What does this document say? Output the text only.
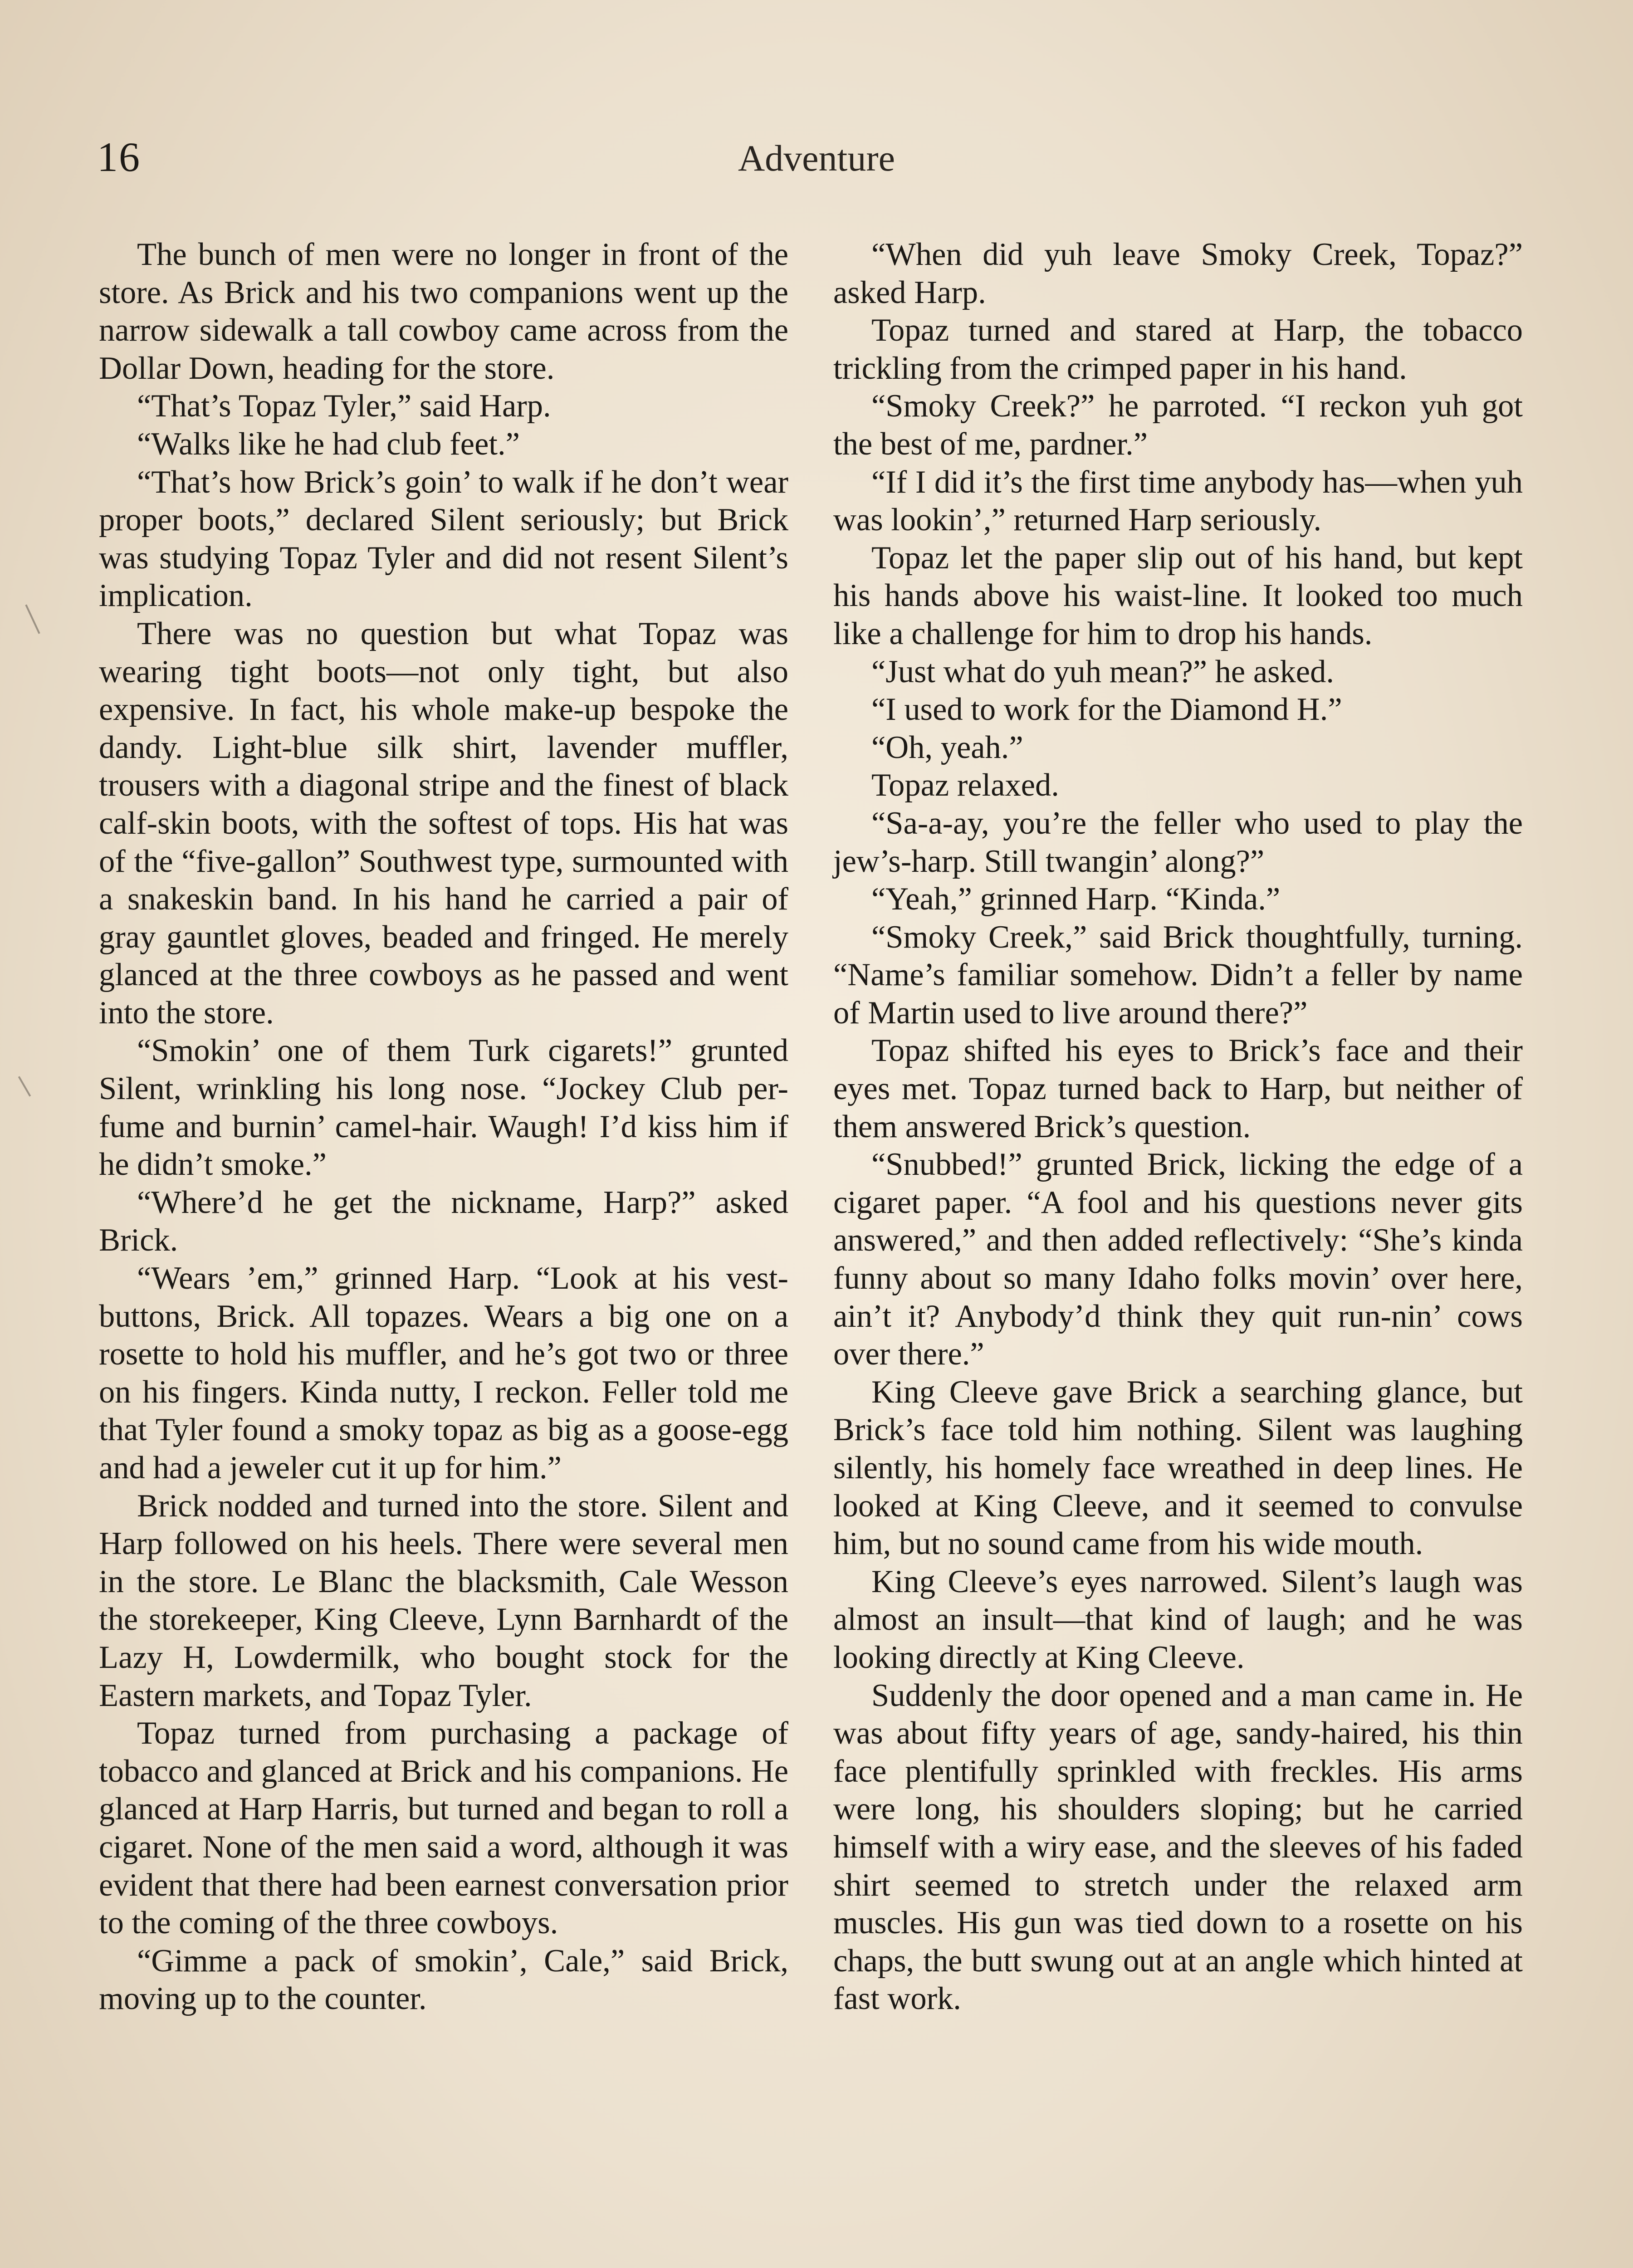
16	Adventure

The bunch of men were no longer in front of the store. As Brick and his two companions went up the narrow sidewalk a tall cowboy came across from the Dollar Down, heading for the store.

“That’s Topaz Tyler,” said Harp.

“Walks like he had club feet.”

“That’s how Brick’s goin’ to walk if he don’t wear proper boots,” declared Silent seriously; but Brick was studying Topaz Tyler and did not resent Silent’s implication.

There was no question but what Topaz was wearing tight boots—not only tight, but also expensive. In fact, his whole make-up bespoke the dandy. Light-blue silk shirt, lavender muffler, trousers with a diagonal stripe and the finest of black calf-skin boots, with the softest of tops. His hat was of the “five-gallon” Southwest type, surmounted with a snakeskin band. In his hand he carried a pair of gray gauntlet gloves, beaded and fringed. He merely glanced at the three cowboys as he passed and went into the store.

“Smokin’ one of them Turk cigarets!” grunted Silent, wrinkling his long nose. “Jockey Club per-fume and burnin’ camel-hair. Waugh! I’d kiss him if he didn’t smoke.”

“Where’d he get the nickname, Harp?” asked Brick.

“Wears ’em,” grinned Harp. “Look at his vest-buttons, Brick. All topazes. Wears a big one on a rosette to hold his muffler, and he’s got two or three on his fingers. Kinda nutty, I reckon. Feller told me that Tyler found a smoky topaz as big as a goose-egg and had a jeweler cut it up for him.”

Brick nodded and turned into the store. Silent and Harp followed on his heels. There were several men in the store. Le Blanc the blacksmith, Cale Wesson the storekeeper, King Cleeve, Lynn Barnhardt of the Lazy H, Lowdermilk, who bought stock for the Eastern markets, and Topaz Tyler.

Topaz turned from purchasing a package of tobacco and glanced at Brick and his companions. He glanced at Harp Harris, but turned and began to roll a cigaret. None of the men said a word, although it was evident that there had been earnest conversation prior to the coming of the three cowboys.

“Gimme a pack of smokin’, Cale,” said Brick, moving up to the counter.

“When did yuh leave Smoky Creek, Topaz?” asked Harp.

Topaz turned and stared at Harp, the tobacco trickling from the crimped paper in his hand.

“Smoky Creek?” he parroted. “I reckon yuh got the best of me, pardner.”

“If I did it’s the first time anybody has—when yuh was lookin’,” returned Harp seriously.

Topaz let the paper slip out of his hand, but kept his hands above his waist-line. It looked too much like a challenge for him to drop his hands.

“Just what do yuh mean?” he asked.

“I used to work for the Diamond H.”

“Oh, yeah.”

Topaz relaxed.

“Sa-a-ay, you’re the feller who used to play the jew’s-harp. Still twangin’ along?”

“Yeah,” grinned Harp. “Kinda.”

“Smoky Creek,” said Brick thoughtfully, turning. “Name’s familiar somehow. Didn’t a feller by name of Martin used to live around there?”

Topaz shifted his eyes to Brick’s face and their eyes met. Topaz turned back to Harp, but neither of them answered Brick’s question.

“Snubbed!” grunted Brick, licking the edge of a cigaret paper. “A fool and his questions never gits answered,” and then added reflectively: “She’s kinda funny about so many Idaho folks movin’ over here, ain’t it? Anybody’d think they quit run-nin’ cows over there.”

King Cleeve gave Brick a searching glance, but Brick’s face told him nothing. Silent was laughing silently, his homely face wreathed in deep lines. He looked at King Cleeve, and it seemed to convulse him, but no sound came from his wide mouth.

King Cleeve’s eyes narrowed. Silent’s laugh was almost an insult—that kind of laugh; and he was looking directly at King Cleeve.

Suddenly the door opened and a man came in. He was about fifty years of age, sandy-haired, his thin face plentifully sprinkled with freckles. His arms were long, his shoulders sloping; but he carried himself with a wiry ease, and the sleeves of his faded shirt seemed to stretch under the relaxed arm muscles. His gun was tied down to a rosette on his chaps, the butt swung out at an angle which hinted at fast work.
